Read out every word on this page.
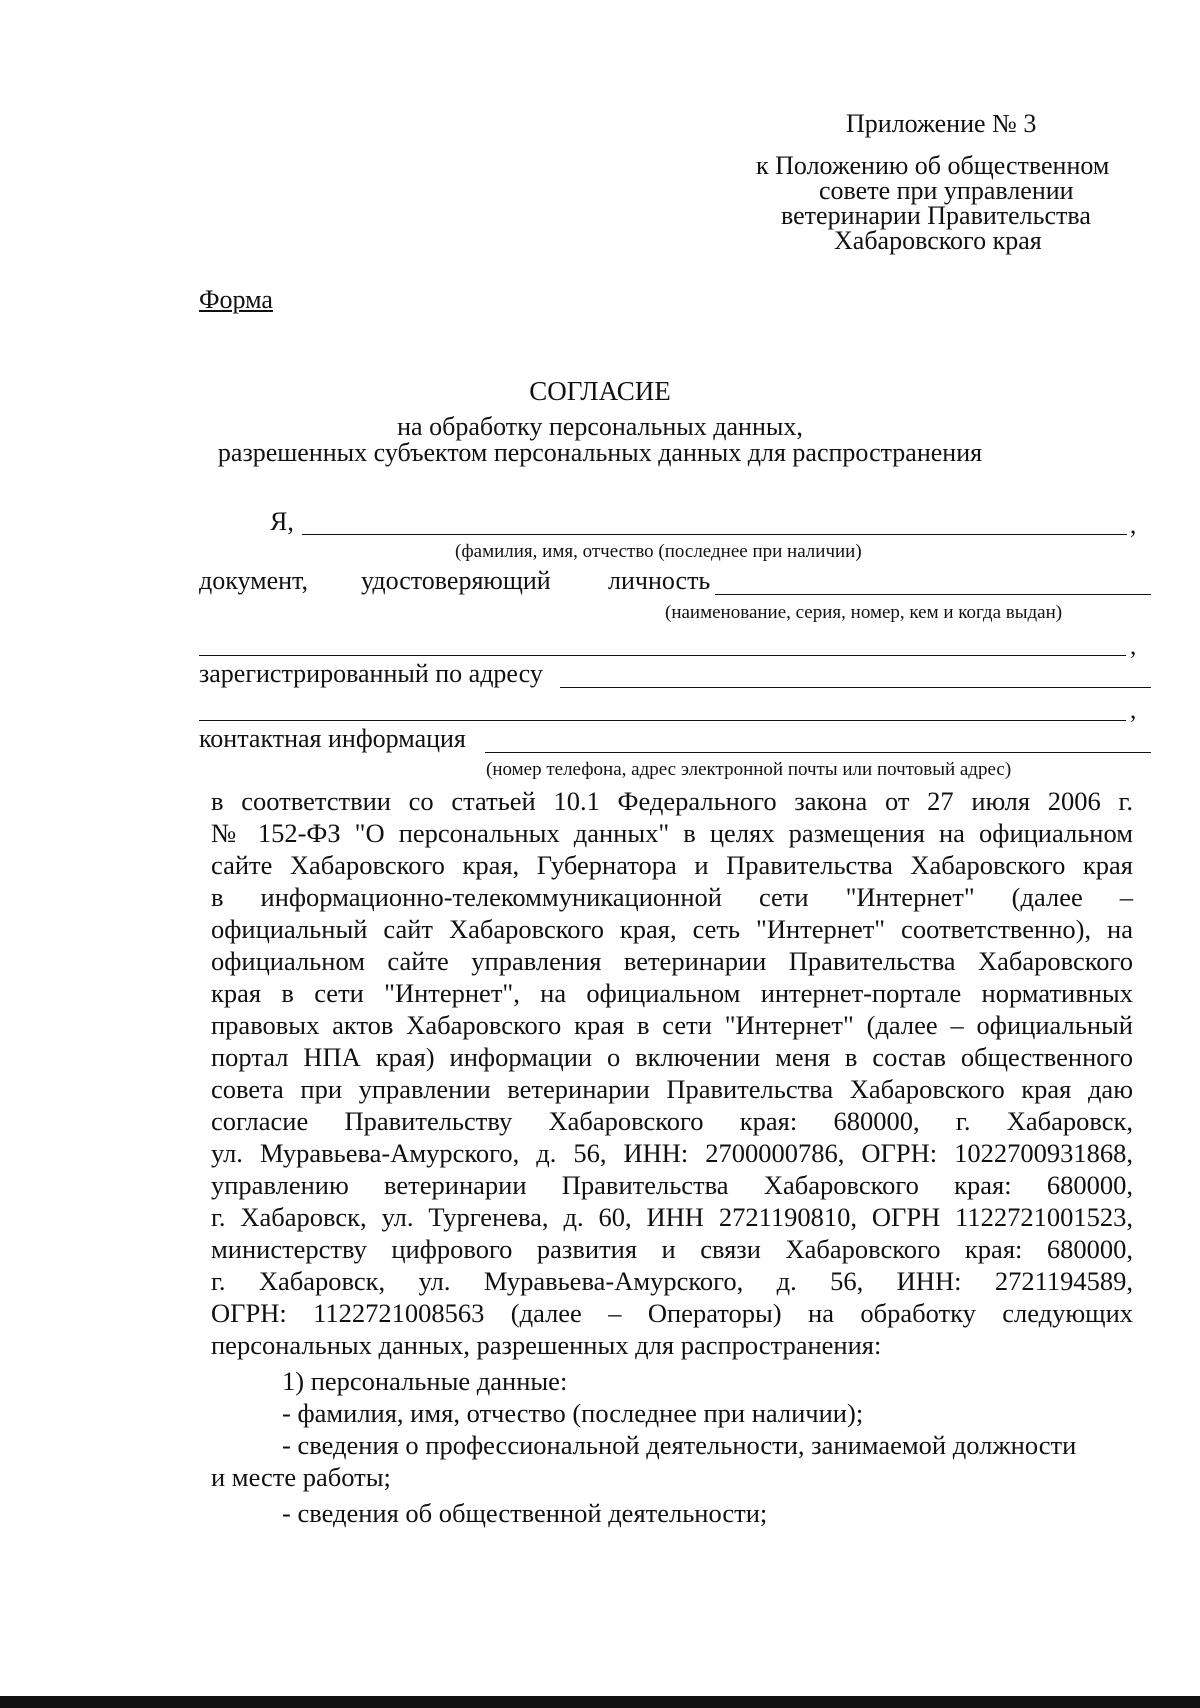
Приложение № 3
к Положению об общественном
совете при управлении
ветеринарии Правительства
Хабаровского края
Форма
СОГЛАСИЕ
на обработку персональных данных,
разрешенных субъектом персональных данных для распространения
Я,	,
(фамилия, имя, отчество (последнее при наличии)
документ, удостоверяющий личность
(наименование, серия, номер, кем и когда выдан)
,
зарегистрированный по адресу
,
контактная информация
(номер телефона, адрес электронной почты или почтовый адрес)
в соответствии со статьей 10.1 Федерального закона от 27 июля 2006 г.
№ 152-ФЗ "О персональных данных" в целях размещения на официальном
сайте Хабаровского края, Губернатора и Правительства Хабаровского края
в информационно-телекоммуникационной сети "Интернет" (далее –
официальный сайт Хабаровского края, сеть "Интернет" соответственно), на
официальном сайте управления ветеринарии Правительства Хабаровского
края в сети "Интернет", на официальном интернет-портале нормативных
правовых актов Хабаровского края в сети "Интернет" (далее – официальный
портал НПА края) информации о включении меня в состав общественного
совета при управлении ветеринарии Правительства Хабаровского края даю
согласие Правительству Хабаровского края: 680000, г. Хабаровск,
ул. Муравьева-Амурского, д. 56, ИНН: 2700000786, ОГРН: 1022700931868,
управлению ветеринарии Правительства Хабаровского края: 680000,
г. Хабаровск, ул. Тургенева, д. 60, ИНН 2721190810, ОГРН 1122721001523,
министерству цифрового развития и связи Хабаровского края: 680000,
г. Хабаровск, ул. Муравьева-Амурского, д. 56, ИНН: 2721194589,
ОГРН: 1122721008563 (далее – Операторы) на обработку следующих
персональных данных, разрешенных для распространения:
1) персональные данные:
- фамилия, имя, отчество (последнее при наличии);
- сведения о профессиональной деятельности, занимаемой должности
и месте работы;
- сведения об общественной деятельности;
